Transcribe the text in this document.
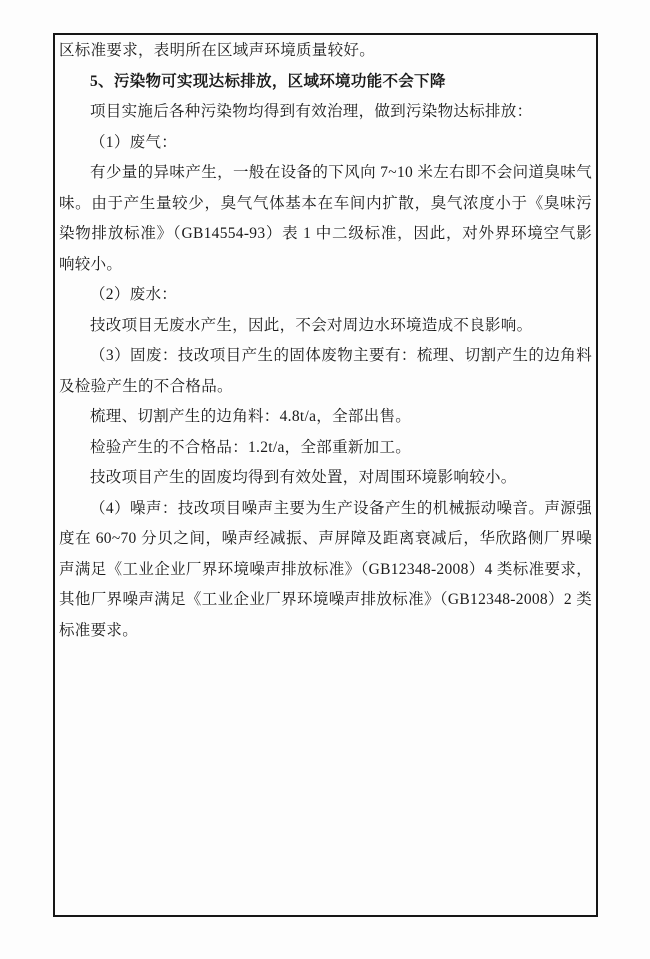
区标准要求，表明所在区域声环境质量较好。

5、污染物可实现达标排放，区域环境功能不会下降

项目实施后各种污染物均得到有效治理，做到污染物达标排放：

（1）废气：

有少量的异味产生，一般在设备的下风向 7~10 米左右即不会问道臭味气味。由于产生量较少，臭气气体基本在车间内扩散，臭气浓度小于《臭味污染物排放标准》（GB14554-93）表 1 中二级标准，因此，对外界环境空气影响较小。

（2）废水：

技改项目无废水产生，因此，不会对周边水环境造成不良影响。

（3）固废：技改项目产生的固体废物主要有：梳理、切割产生的边角料及检验产生的不合格品。

梳理、切割产生的边角料：4.8t/a，全部出售。

检验产生的不合格品：1.2t/a，全部重新加工。

技改项目产生的固废均得到有效处置，对周围环境影响较小。

（4）噪声：技改项目噪声主要为生产设备产生的机械振动噪音。声源强度在 60~70 分贝之间，噪声经减振、声屏障及距离衰减后，华欣路侧厂界噪声满足《工业企业厂界环境噪声排放标准》（GB12348-2008）4 类标准要求，其他厂界噪声满足《工业企业厂界环境噪声排放标准》（GB12348-2008）2 类标准要求。
